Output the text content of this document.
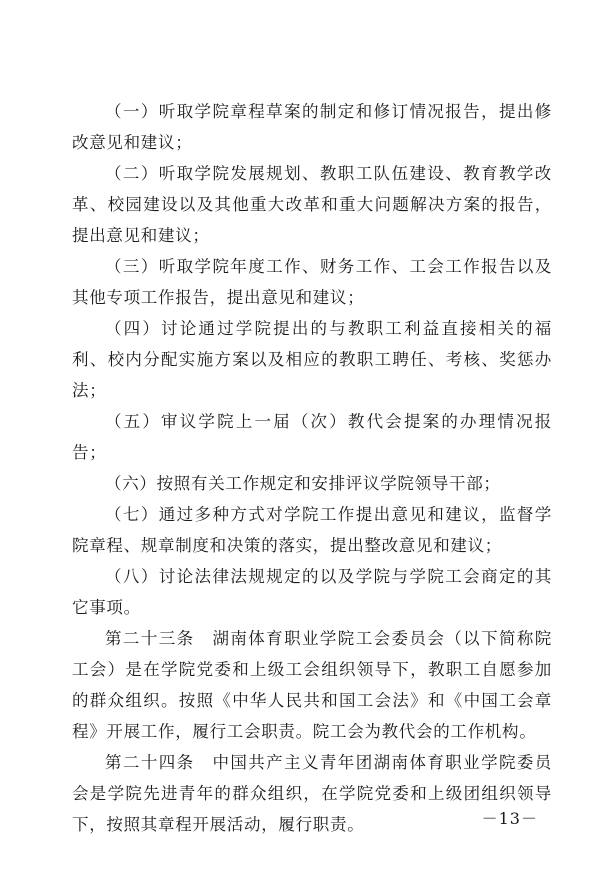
（一）听取学院章程草案的制定和修订情况报告，提出修改意见和建议；

（二）听取学院发展规划、教职工队伍建设、教育教学改革、校园建设以及其他重大改革和重大问题解决方案的报告，提出意见和建议；

（三）听取学院年度工作、财务工作、工会工作报告以及其他专项工作报告，提出意见和建议；

（四）讨论通过学院提出的与教职工利益直接相关的福利、校内分配实施方案以及相应的教职工聘任、考核、奖惩办法；

（五）审议学院上一届（次）教代会提案的办理情况报告；

（六）按照有关工作规定和安排评议学院领导干部；

（七）通过多种方式对学院工作提出意见和建议，监督学院章程、规章制度和决策的落实，提出整改意见和建议；

（八）讨论法律法规规定的以及学院与学院工会商定的其它事项。

第二十三条　湖南体育职业学院工会委员会（以下简称院工会）是在学院党委和上级工会组织领导下，教职工自愿参加的群众组织。按照《中华人民共和国工会法》和《中国工会章程》开展工作，履行工会职责。院工会为教代会的工作机构。

第二十四条　中国共产主义青年团湖南体育职业学院委员会是学院先进青年的群众组织，在学院党委和上级团组织领导下，按照其章程开展活动，履行职责。	－13－
